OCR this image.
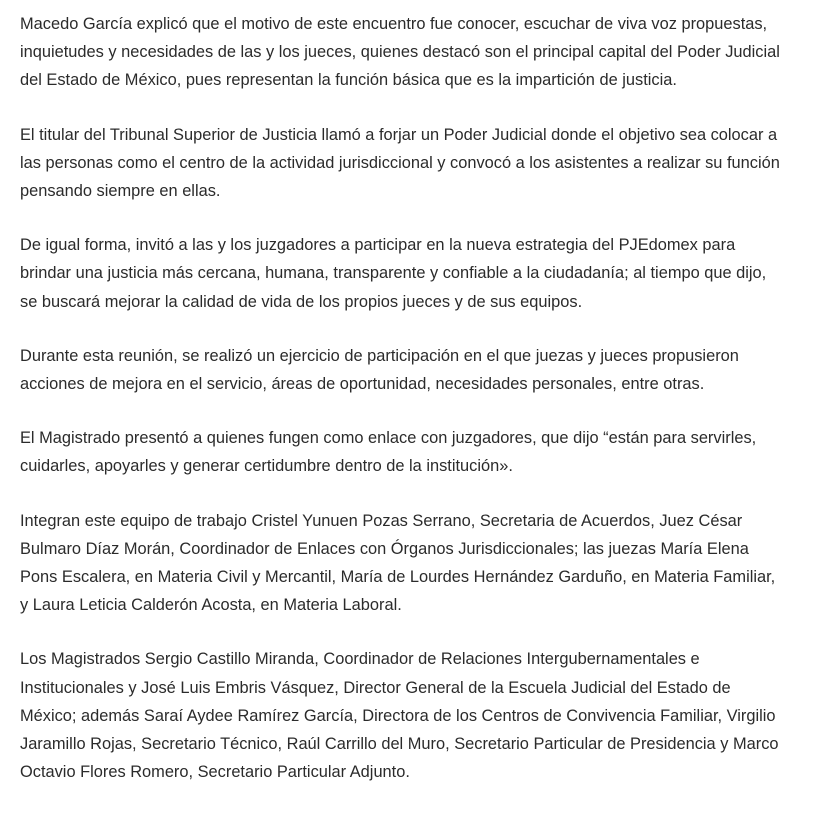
Macedo García explicó que el motivo de este encuentro fue conocer, escuchar de viva voz propuestas, inquietudes y necesidades de las y los jueces, quienes destacó son el principal capital del Poder Judicial del Estado de México, pues representan la función básica que es la impartición de justicia.

El titular del Tribunal Superior de Justicia llamó a forjar un Poder Judicial donde el objetivo sea colocar a las personas como el centro de la actividad jurisdiccional y convocó a los asistentes a realizar su función pensando siempre en ellas.

De igual forma, invitó a las y los juzgadores a participar en la nueva estrategia del PJEdomex para brindar una justicia más cercana, humana, transparente y confiable a la ciudadanía; al tiempo que dijo, se buscará mejorar la calidad de vida de los propios jueces y de sus equipos.

Durante esta reunión, se realizó un ejercicio de participación en el que juezas y jueces propusieron acciones de mejora en el servicio, áreas de oportunidad, necesidades personales, entre otras.

El Magistrado presentó a quienes fungen como enlace con juzgadores, que dijo “están para servirles, cuidarles, apoyarles y generar certidumbre dentro de la institución».

Integran este equipo de trabajo Cristel Yunuen Pozas Serrano, Secretaria de Acuerdos, Juez César Bulmaro Díaz Morán, Coordinador de Enlaces con Órganos Jurisdiccionales; las juezas María Elena Pons Escalera, en Materia Civil y Mercantil, María de Lourdes Hernández Garduño, en Materia Familiar, y Laura Leticia Calderón Acosta, en Materia Laboral.

Los Magistrados Sergio Castillo Miranda, Coordinador de Relaciones Intergubernamentales e Institucionales y José Luis Embris Vásquez, Director General de la Escuela Judicial del Estado de México; además Saraí Aydee Ramírez García, Directora de los Centros de Convivencia Familiar, Virgilio Jaramillo Rojas, Secretario Técnico, Raúl Carrillo del Muro, Secretario Particular de Presidencia y Marco Octavio Flores Romero, Secretario Particular Adjunto.
